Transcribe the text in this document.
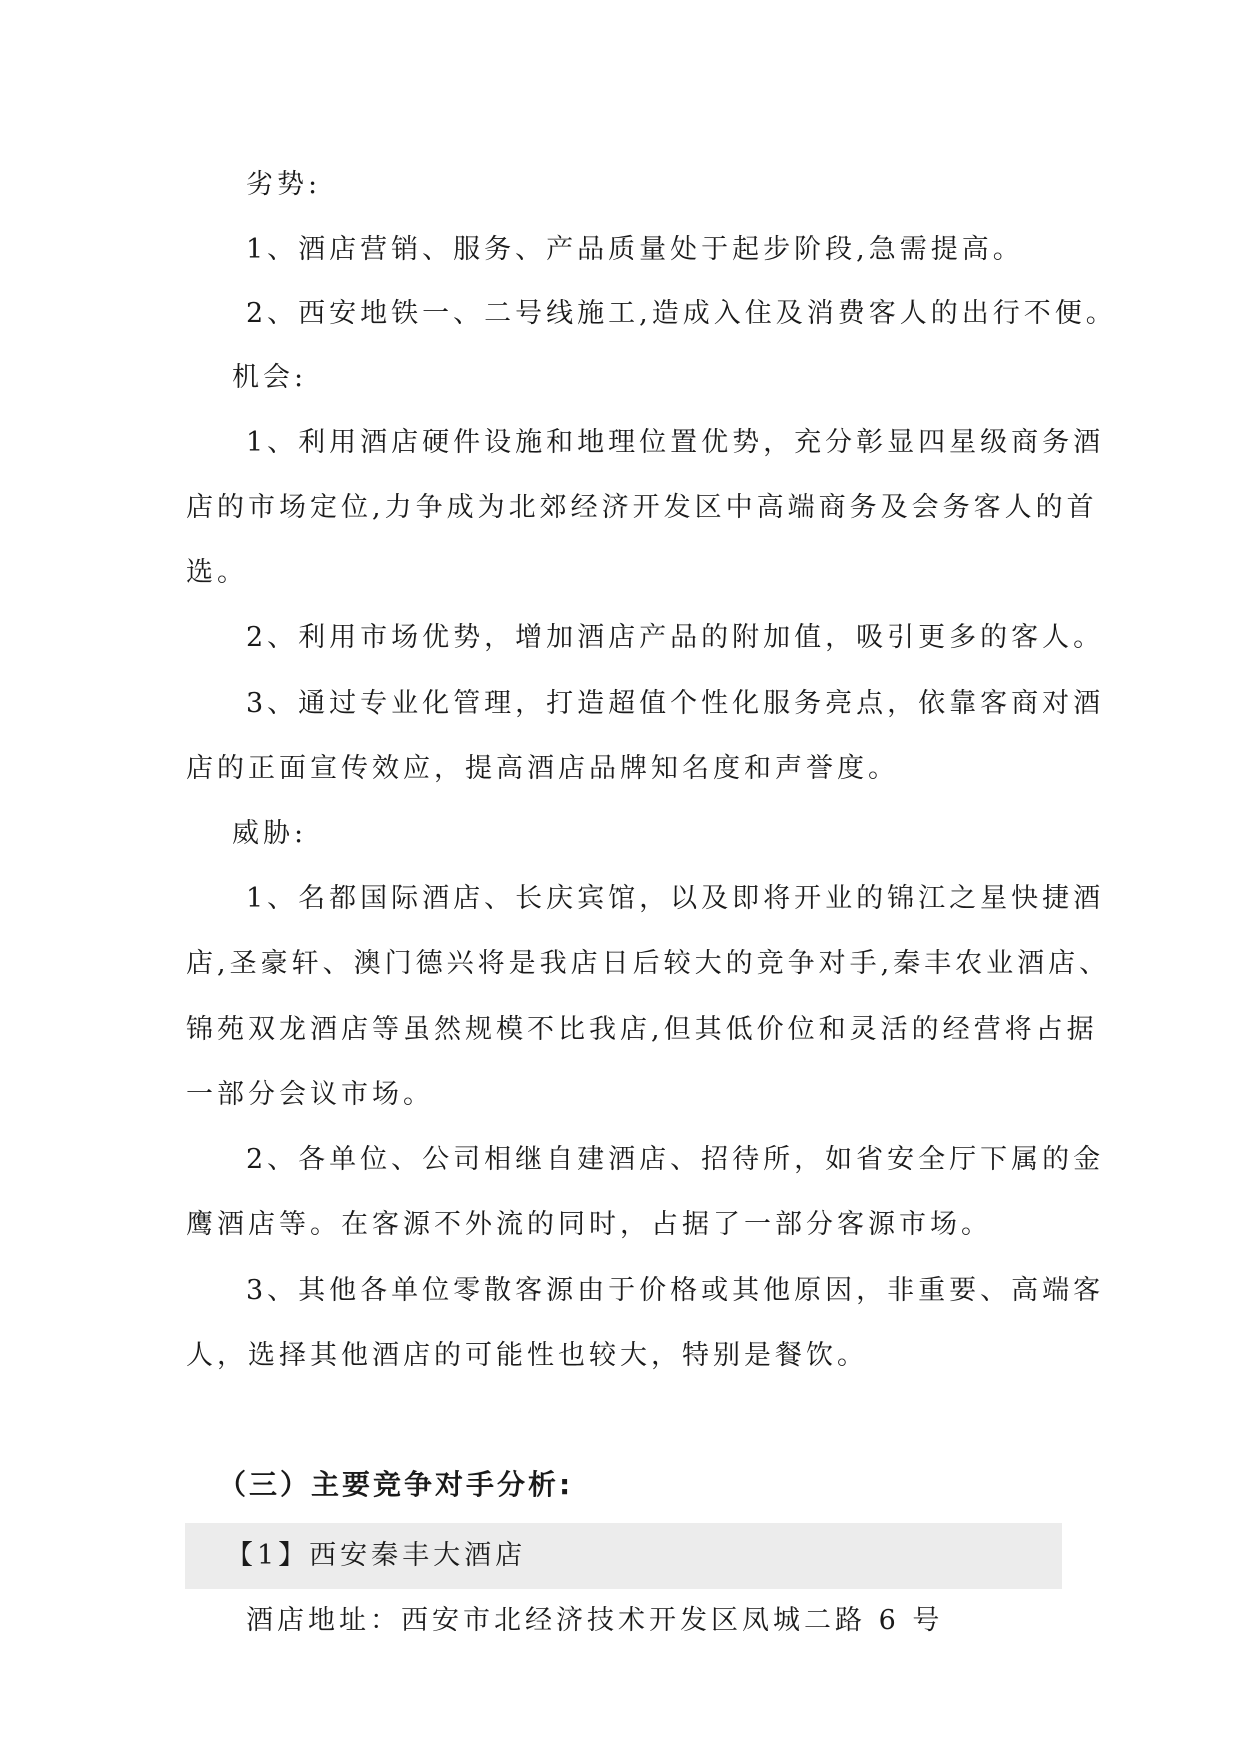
劣势:
1、酒店营销、服务、产品质量处于起步阶段,急需提高。
2、西安地铁一、二号线施工,造成入住及消费客人的出行不便。
机会:
1、利用酒店硬件设施和地理位置优势，充分彰显四星级商务酒
店的市场定位,力争成为北郊经济开发区中高端商务及会务客人的首
选。
2、利用市场优势，增加酒店产品的附加值，吸引更多的客人。
3、通过专业化管理，打造超值个性化服务亮点，依靠客商对酒
店的正面宣传效应，提高酒店品牌知名度和声誉度。
威胁:
1、名都国际酒店、长庆宾馆，以及即将开业的锦江之星快捷酒
店,圣豪轩、澳门德兴将是我店日后较大的竞争对手,秦丰农业酒店、
锦苑双龙酒店等虽然规模不比我店,但其低价位和灵活的经营将占据
一部分会议市场。
2、各单位、公司相继自建酒店、招待所，如省安全厅下属的金
鹰酒店等。在客源不外流的同时，占据了一部分客源市场。
3、其他各单位零散客源由于价格或其他原因，非重要、高端客
人，选择其他酒店的可能性也较大，特别是餐饮。
（三）主要竞争对手分析:
【1】西安秦丰大酒店
酒店地址：西安市北经济技术开发区凤城二路 6 号
